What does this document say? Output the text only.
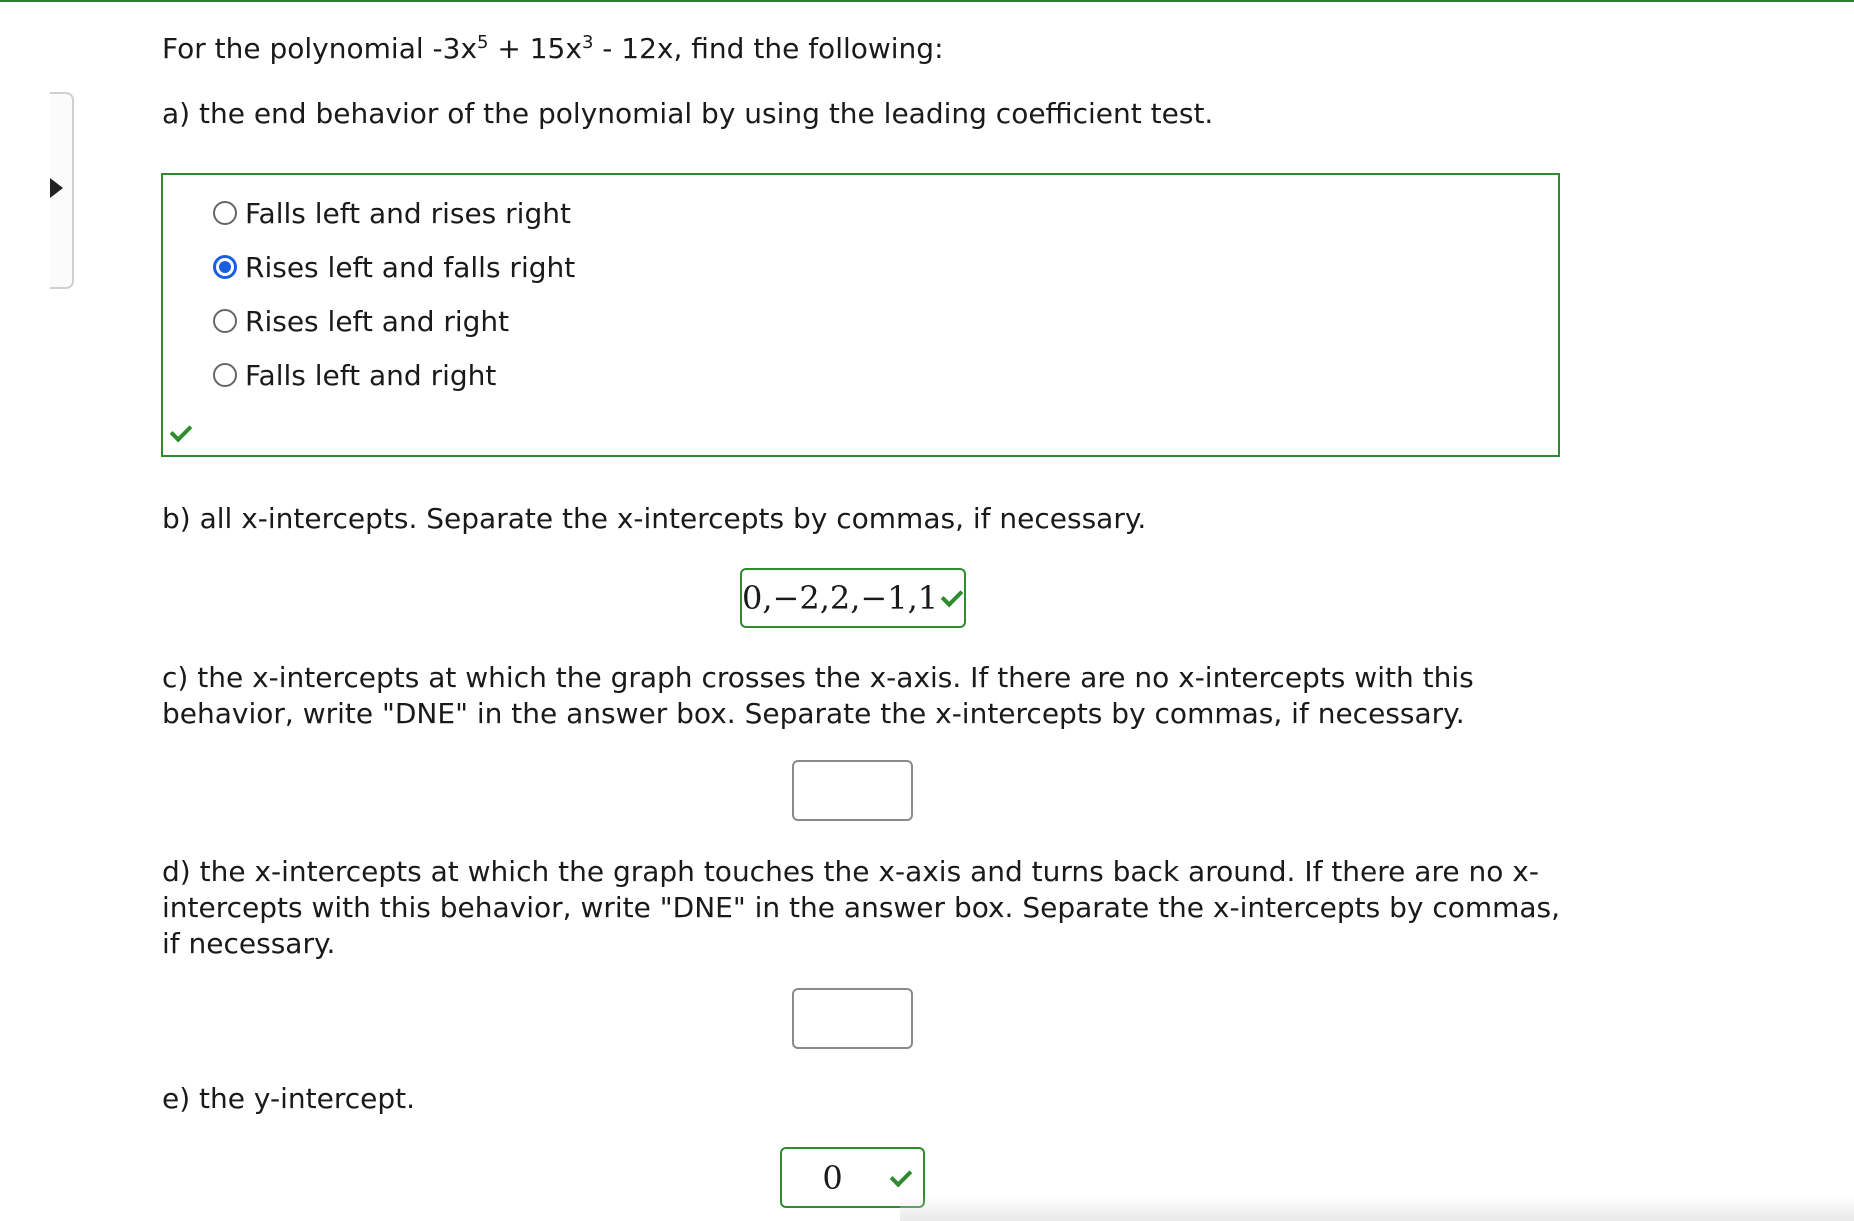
For the polynomial $-3x^5 + 15x^3 - 12x$, find the following:
a) the end behavior of the polynomial by using the leading coefficient test.
Falls left and rises right
Rises left and falls right
Rises left and right
Falls left and right
b) all x-intercepts. Separate the x-intercepts by commas, if necessary.
0,−2,2,−1,1
c) the x-intercepts at which the graph crosses the x-axis. If there are no x-intercepts with this behavior, write "DNE" in the answer box. Separate the x-intercepts by commas, if necessary.
d) the x-intercepts at which the graph touches the x-axis and turns back around. If there are no x-intercepts with this behavior, write "DNE" in the answer box. Separate the x-intercepts by commas, if necessary.
e) the y-intercept.
0
